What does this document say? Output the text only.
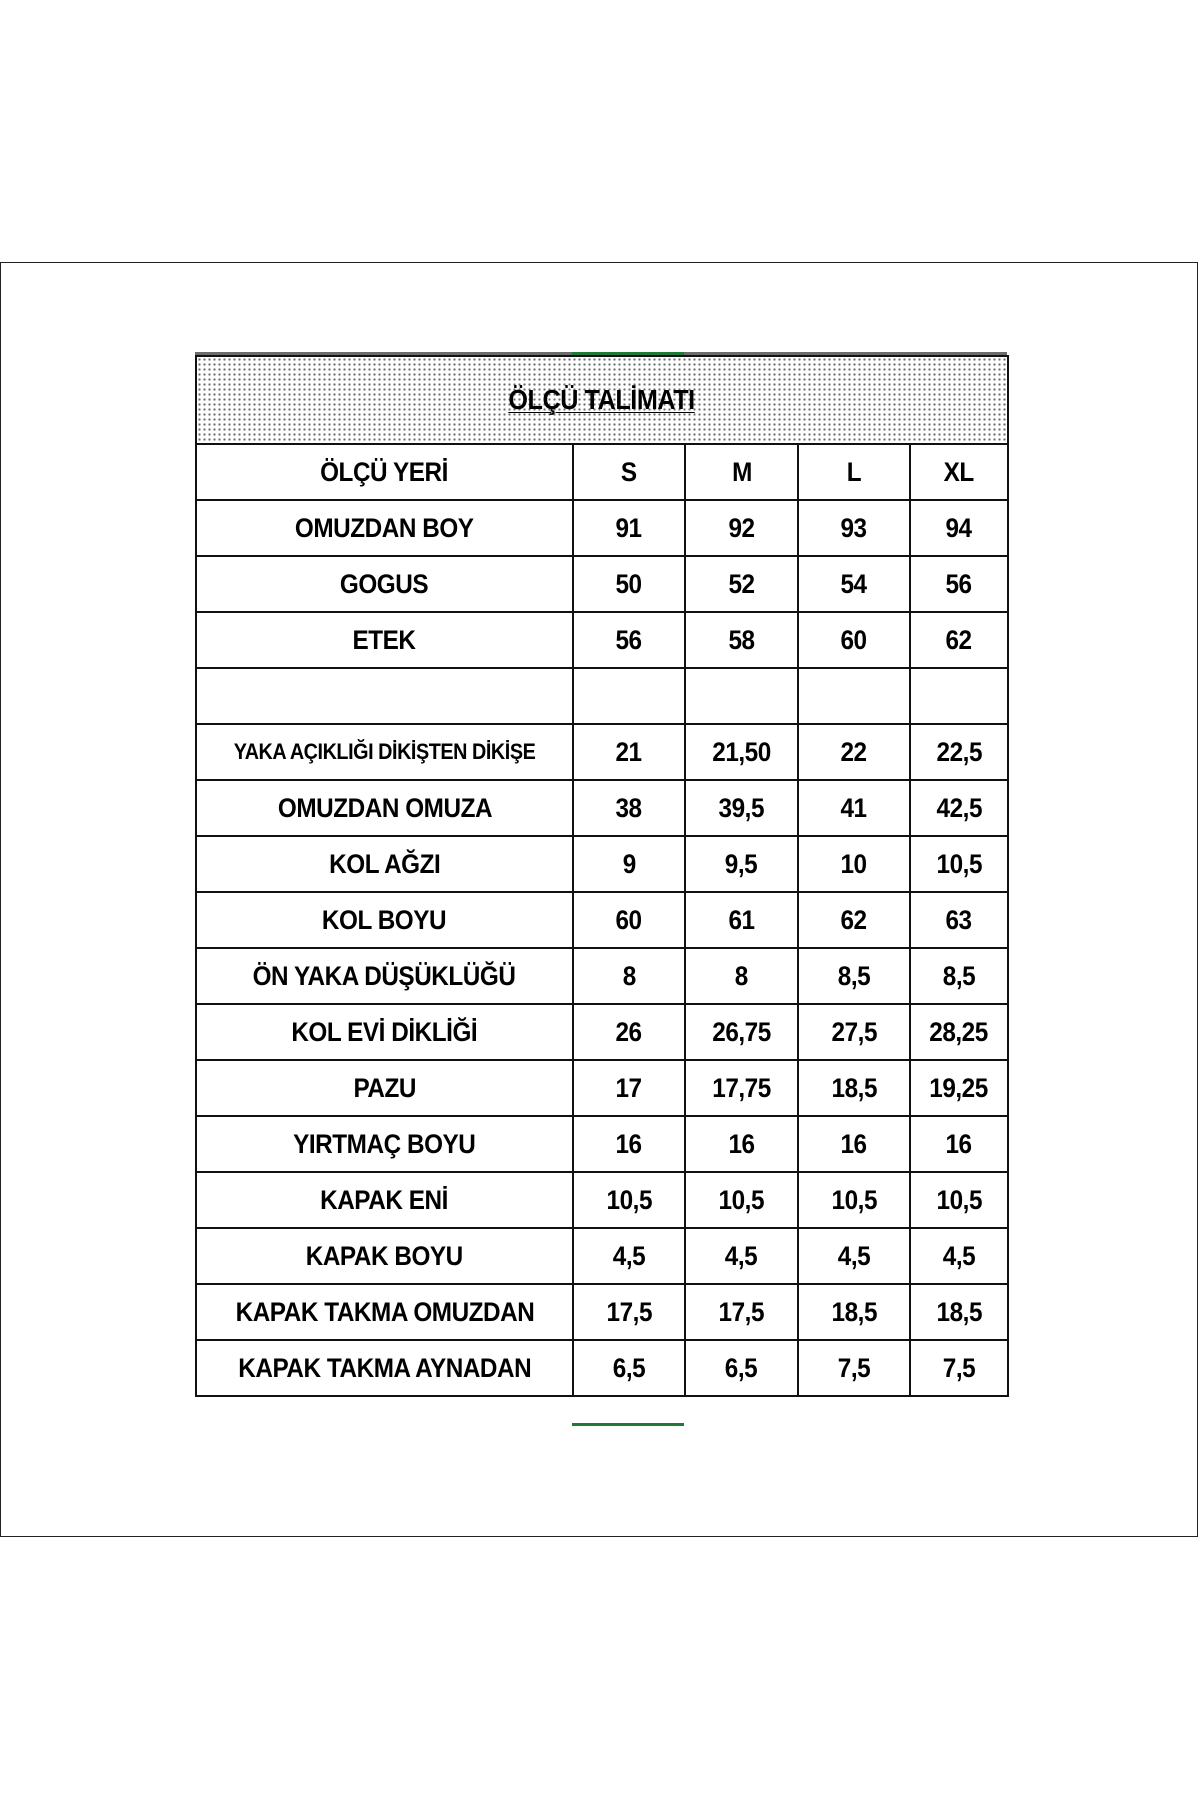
ÖLÇÜ TALİMATI				
ÖLÇÜ YERİ	S	M	L	XL
OMUZDAN BOY	91	92	93	94
GOGUS	50	52	54	56
ETEK	56	58	60	62

YAKA AÇIKLIĞI DİKİŞTEN DİKİŞE	21	21,50	22	22,5
OMUZDAN OMUZA	38	39,5	41	42,5
KOL AĞZI	9	9,5	10	10,5
KOL BOYU	60	61	62	63
ÖN YAKA DÜŞÜKLÜĞÜ	8	8	8,5	8,5
KOL EVİ DİKLİĞİ	26	26,75	27,5	28,25
PAZU	17	17,75	18,5	19,25
YIRTMAÇ BOYU	16	16	16	16
KAPAK ENİ	10,5	10,5	10,5	10,5
KAPAK BOYU	4,5	4,5	4,5	4,5
KAPAK TAKMA OMUZDAN	17,5	17,5	18,5	18,5
KAPAK TAKMA AYNADAN	6,5	6,5	7,5	7,5
